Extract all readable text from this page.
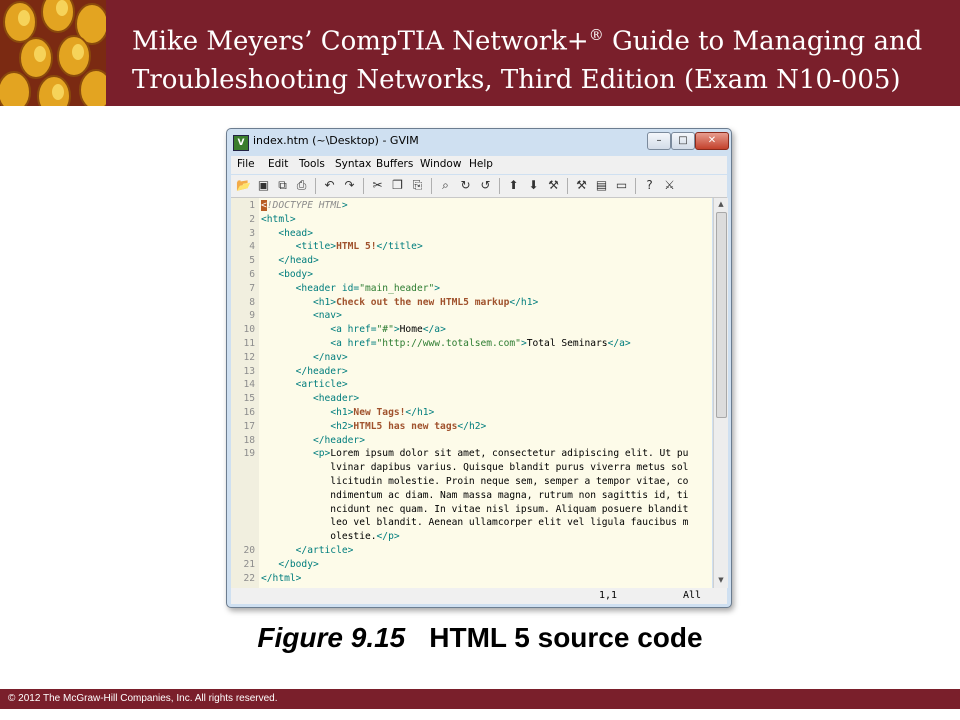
Mike Meyers’ CompTIA Network+® Guide to Managing and
Troubleshooting Networks, Third Edition (Exam N10-005)
V index.htm (~\Desktop) - GVIM	–	□	✕
File Edit Tools Syntax Buffers Window Help
📂 ▣ ⧉ ⎙	↶ ↷ ✂ ❐ ⎘	⌕ ↻ ↺ ⬆ ⬇ ⚒ ⚒ ▤ ▭	? ⚔
1 <!DOCTYPE HTML>
2 <html>
3	<head>
4	<title>HTML 5!</title>
5	</head>
6	<body>
7	<header id="main_header">
8	<h1>Check out the new HTML5 markup</h1>
9	<nav>
10	<a href="#">Home</a>
11	<a href="http://www.totalsem.com">Total Seminars</a>
12	</nav>
13	</header>
14	<article>
15	<header>
16	<h1>New Tags!</h1>
17	<h2>HTML5 has new tags</h2>
18	</header>
19	<p>Lorem ipsum dolor sit amet, consectetur adipiscing elit. Ut pu
lvinar dapibus varius. Quisque blandit purus viverra metus sol
licitudin molestie. Proin neque sem, semper a tempor vitae, co
ndimentum ac diam. Nam massa magna, rutrum non sagittis id, ti
ncidunt nec quam. In vitae nisl ipsum. Aliquam posuere blandit
leo vel blandit. Aenean ullamcorper elit vel ligula faucibus m
olestie.</p>
20	</article>
21	</body>
22 </html>
▲
▼
1,1	All
Figure 9.15 HTML 5 source code
© 2012 The McGraw-Hill Companies, Inc. All rights reserved.
